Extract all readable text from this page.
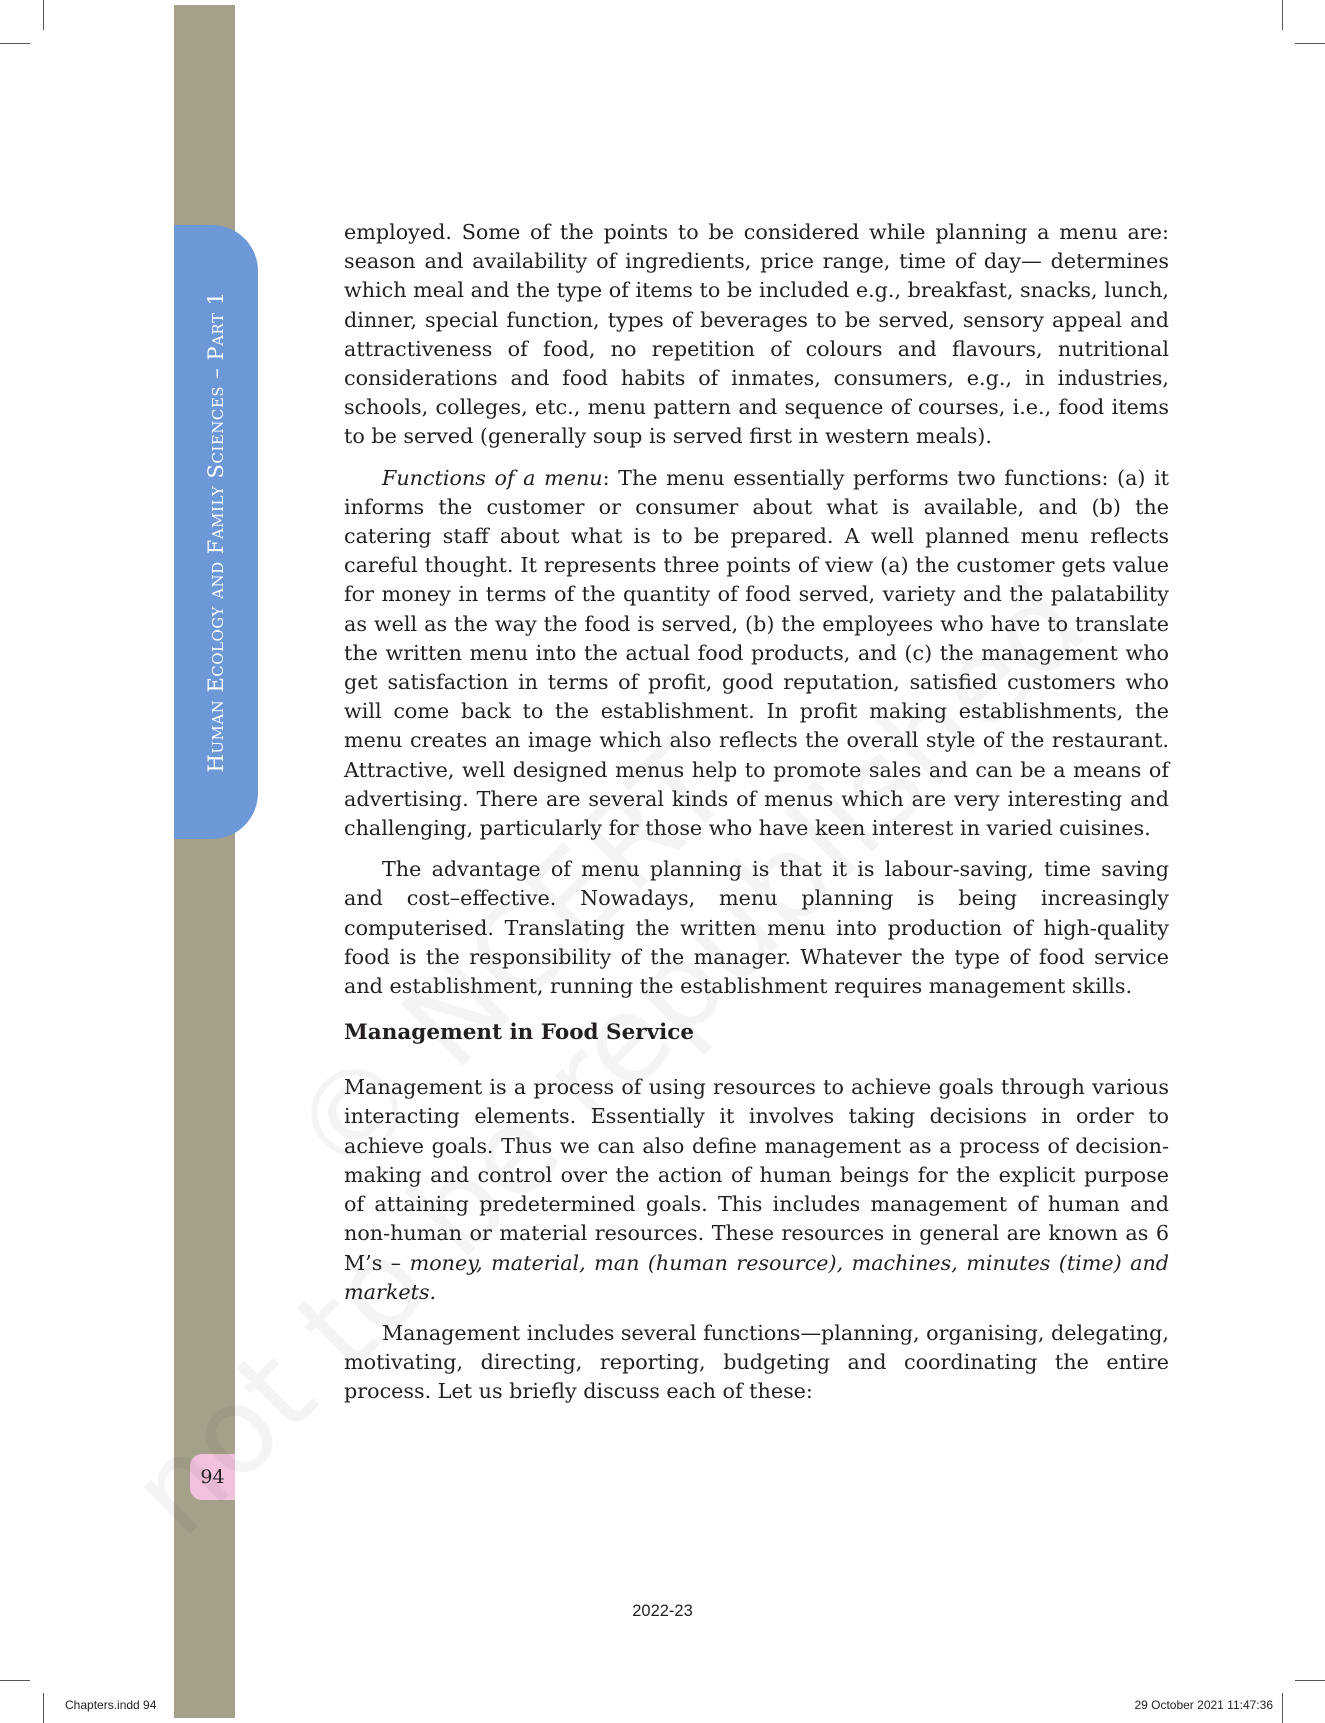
Human Ecology and Family Sciences – Part 1
94

employed. Some of the points to be considered while planning a menu are: season and availability of ingredients, price range, time of day— determines which meal and the type of items to be included e.g., breakfast, snacks, lunch, dinner, special function, types of beverages to be served, sensory appeal and attractiveness of food, no repetition of colours and flavours, nutritional considerations and food habits of inmates, consumers, e.g., in industries, schools, colleges, etc., menu pattern and sequence of courses, i.e., food items to be served (generally soup is served first in western meals).

Functions of a menu: The menu essentially performs two functions: (a) it informs the customer or consumer about what is available, and (b) the catering staff about what is to be prepared. A well planned menu reflects careful thought. It represents three points of view (a) the customer gets value for money in terms of the quantity of food served, variety and the palatability as well as the way the food is served, (b) the employees who have to translate the written menu into the actual food products, and (c) the management who get satisfaction in terms of profit, good reputation, satisfied customers who will come back to the establishment. In profit making establishments, the menu creates an image which also reflects the overall style of the restaurant. Attractive, well designed menus help to promote sales and can be a means of advertising. There are several kinds of menus which are very interesting and challenging, particularly for those who have keen interest in varied cuisines.

The advantage of menu planning is that it is labour-saving, time saving and cost–effective. Nowadays, menu planning is being increasingly computerised. Translating the written menu into production of high-quality food is the responsibility of the manager. Whatever the type of food service and establishment, running the establishment requires management skills.

Management in Food Service

Management is a process of using resources to achieve goals through various interacting elements. Essentially it involves taking decisions in order to achieve goals. Thus we can also define management as a process of decision-making and control over the action of human beings for the explicit purpose of attaining predetermined goals. This includes management of human and non-human or material resources. These resources in general are known as 6 M’s – money, material, man (human resource), machines, minutes (time) and markets.

Management includes several functions—planning, organising, delegating, motivating, directing, reporting, budgeting and coordinating the entire process. Let us briefly discuss each of these:

2022-23
Chapters.indd 94	29 October 2021 11:47:36
